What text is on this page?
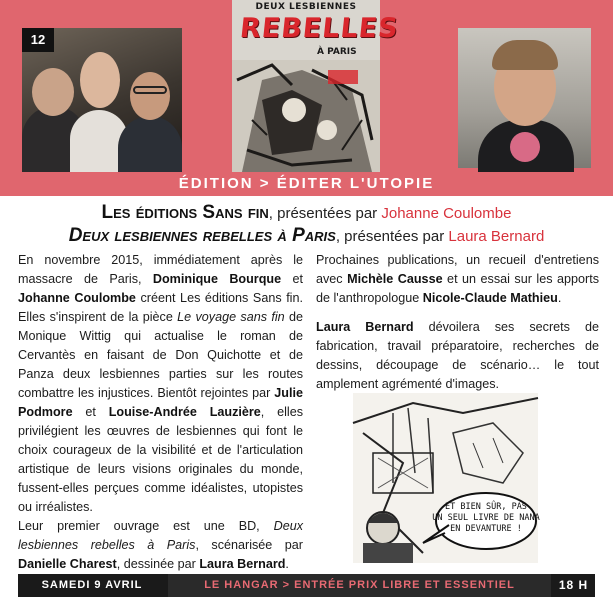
12
DEUX LESBIENNES
REBELLES
À PARIS
ÉDITION > ÉDITER L'UTOPIE
Les éditions Sans fin, présentées par Johanne Coulombe
Deux lesbiennes rebelles à Paris, présentées par Laura Bernard
En novembre 2015, immédiatement après le massacre de Paris, Dominique Bourque et Johanne Coulombe créent Les éditions Sans fin. Elles s'inspirent de la pièce Le voyage sans fin de Monique Wittig qui actualise le roman de Cervantès en faisant de Don Quichotte et de Panza deux lesbiennes parties sur les routes combattre les injustices. Bientôt rejointes par Julie Podmore et Louise-Andrée Lauzière, elles privilégient les œuvres de lesbiennes qui font le choix courageux de la visibilité et de l'articulation artistique de leurs visions originales du monde, fussent-elles perçues comme idéalistes, utopistes ou irréalistes.
Leur premier ouvrage est une BD, Deux lesbiennes rebelles à Paris, scénarisée par Danielle Charest, dessinée par Laura Bernard.
Prochaines publications, un recueil d'entretiens avec Michèle Causse et un essai sur les apports de l'anthropologue Nicole-Claude Mathieu.
Laura Bernard dévoilera ses secrets de fabrication, travail préparatoire, recherches de dessins, découpage de scénario… le tout amplement agrémenté d'images.
ET BIEN SÛR, PAS
UN SEUL LIVRE DE NANA
EN DEVANTURE !
SAMEDI 9 AVRIL	LE HANGAR > ENTRÉE PRIX LIBRE ET ESSENTIEL	18 H
